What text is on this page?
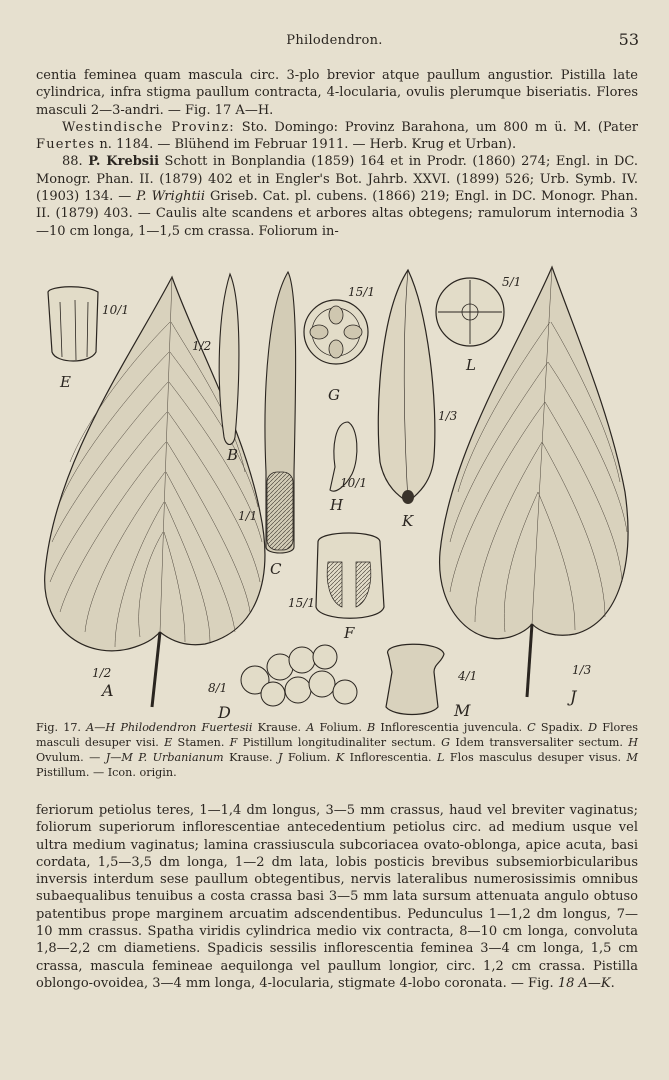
Philodendron.	53

centia feminea quam mascula circ. 3-plo brevior atque paullum angustior. Pistilla late cylindrica, infra stigma paullum contracta, 4-locularia, ovulis plerumque biseriatis. Flores masculi 2—3-andri. — Fig. 17 A—H.

Westindische Provinz: Sto. Domingo: Provinz Barahona, um 800 m ü. M. (Pater Fuertes n. 1184. — Blühend im Februar 1911. — Herb. Krug et Urban).

88. P. Krebsii Schott in Bonplandia (1859) 164 et in Prodr. (1860) 274; Engl. in DC. Monogr. Phan. II. (1879) 402 et in Engler's Bot. Jahrb. XXVI. (1899) 526; Urb. Symb. IV. (1903) 134. — P. Wrightii Griseb. Cat. pl. cubens. (1866) 219; Engl. in DC. Monogr. Phan. II. (1879) 403. — Caulis alte scandens et arbores altas obtegens; ramulorum internodia 3—10 cm longa, 1—1,5 cm crassa. Foliorum in-

E
B
C
G
H
K
L
F
A
D	M
J
10/1
1/2
15/1
1/3
5/1
10/1
1/1
15/1
1/2
8/1
4/1	1/3
Fig. 17. A—H Philodendron Fuertesii Krause. A Folium. B Inflorescentia juvencula. C Spadix. D Flores masculi desuper visi. E Stamen. F Pistillum longitudinaliter sectum. G Idem transversaliter sectum. H Ovulum. — J—M P. Urbanianum Krause. J Folium. K Inflorescentia. L Flos masculus desuper visus. M Pistillum. — Icon. origin.

feriorum petiolus teres, 1—1,4 dm longus, 3—5 mm crassus, haud vel breviter vaginatus; foliorum superiorum inflorescentiae antecedentium petiolus circ. ad medium usque vel ultra medium vaginatus; lamina crassiuscula subcoriacea ovato-oblonga, apice acuta, basi cordata, 1,5—3,5 dm longa, 1—2 dm lata, lobis posticis brevibus subsemiorbicularibus inversis interdum sese paullum obtegentibus, nervis lateralibus numerosissimis omnibus subaequalibus tenuibus a costa crassa basi 3—5 mm lata sursum attenuata angulo obtuso patentibus prope marginem arcuatim adscendentibus. Pedunculus 1—1,2 dm longus, 7—10 mm crassus. Spatha viridis cylindrica medio vix contracta, 8—10 cm longa, convoluta 1,8—2,2 cm diametiens. Spadicis sessilis inflorescentia feminea 3—4 cm longa, 1,5 cm crassa, mascula femineae aequilonga vel paullum longior, circ. 1,2 cm crassa. Pistilla oblongo-ovoidea, 3—4 mm longa, 4-locularia, stigmate 4-lobo coronata. — Fig. 18 A—K.
